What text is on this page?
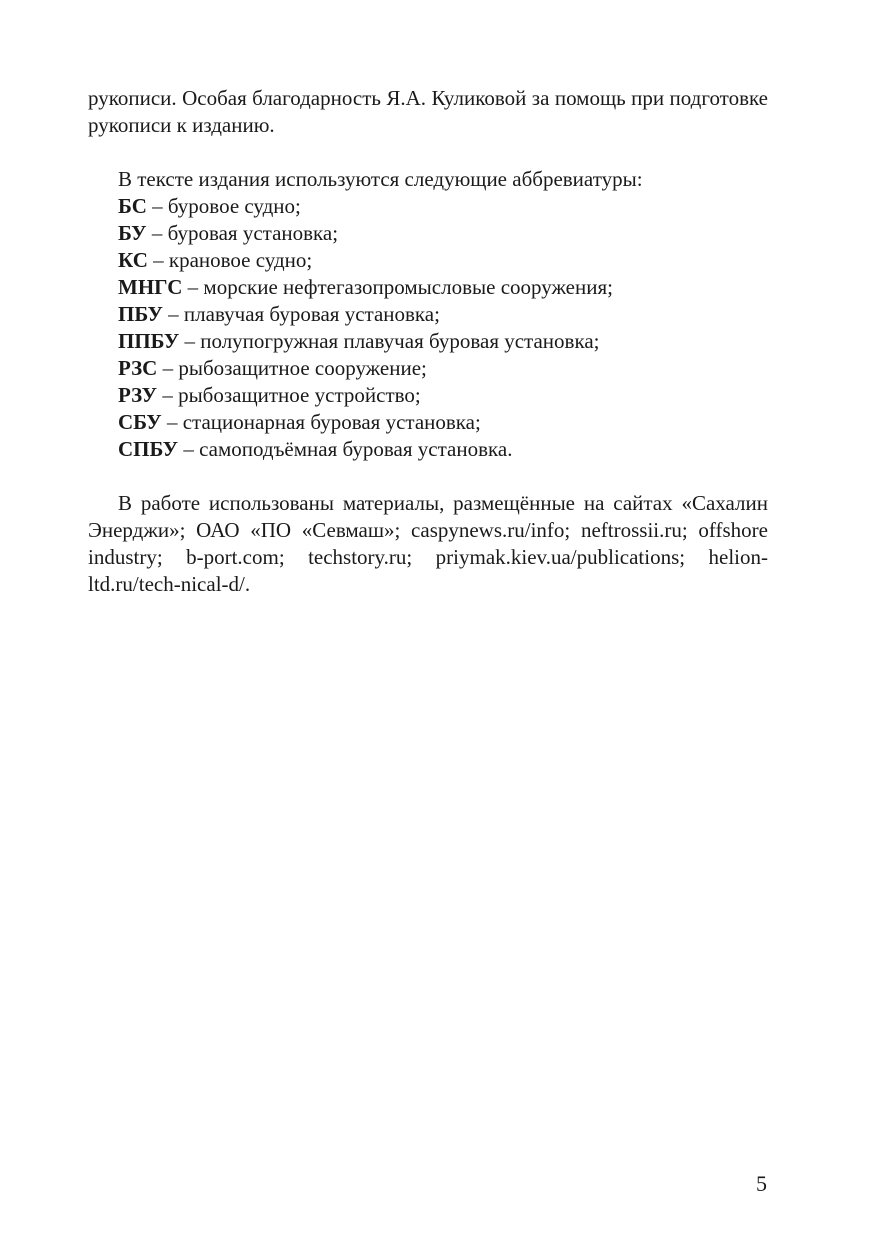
рукописи. Особая благодарность Я.А. Куликовой за помощь при подготовке рукописи к изданию.

В тексте издания используются следующие аббревиатуры:
БС – буровое судно;
БУ – буровая установка;
КС – крановое судно;
МНГС – морские нефтегазопромысловые сооружения;
ПБУ – плавучая буровая установка;
ППБУ – полупогружная плавучая буровая установка;
РЗС – рыбозащитное сооружение;
РЗУ – рыбозащитное устройство;
СБУ – стационарная буровая установка;
СПБУ – самоподъёмная буровая установка.

В работе использованы материалы, размещённые на сайтах «Сахалин Энерджи»; ОАО «ПО «Севмаш»; caspynews.ru/info; neftrossii.ru; offshore industry; b-port.com; techstory.ru; priymak.kiev.ua/publications; helion-ltd.ru/tech-nical-d/.

5
